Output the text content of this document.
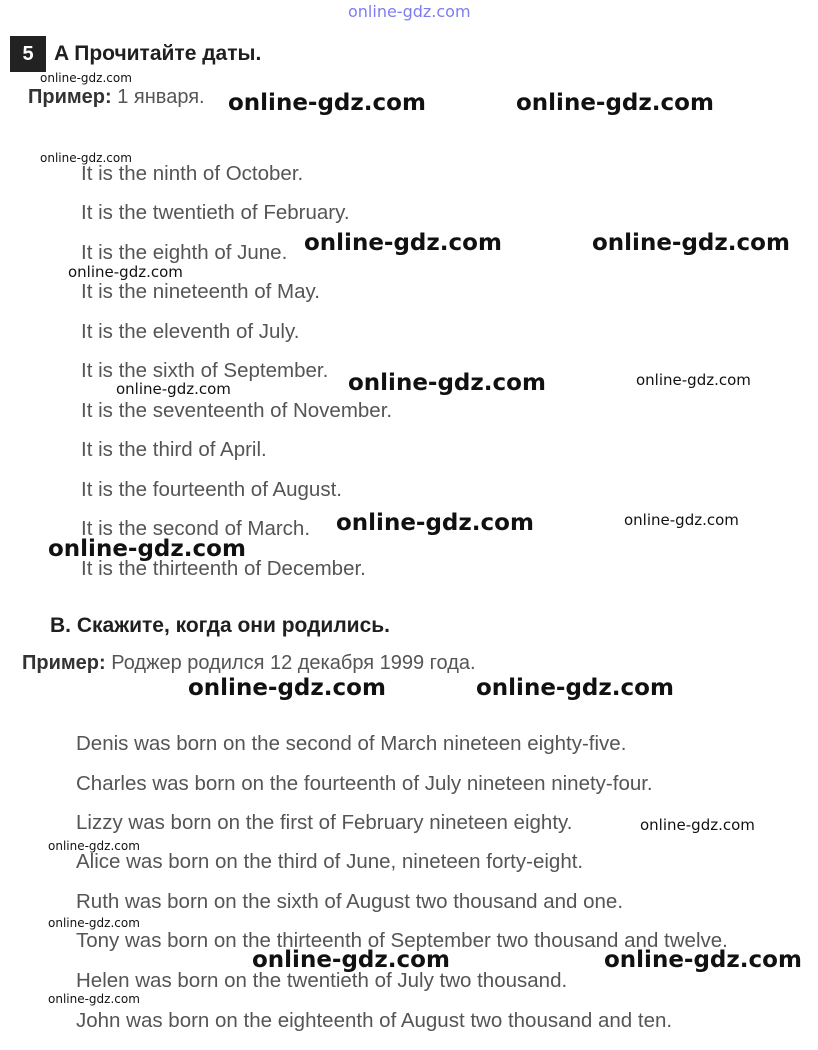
online-gdz.com
5 A Прочитайте даты.
Пример: 1 января.
It is the ninth of October.
It is the twentieth of February.
It is the eighth of June.
It is the nineteenth of May.
It is the eleventh of July.
It is the sixth of September.
It is the seventeenth of November.
It is the third of April.
It is the fourteenth of August.
It is the second of March.
It is the thirteenth of December.
B. Скажите, когда они родились.
Пример: Роджер родился 12 декабря 1999 года.
Denis was born on the second of March nineteen eighty-five.
Charles was born on the fourteenth of July nineteen ninety-four.
Lizzy was born on the first of February nineteen eighty.
Alice was born on the third of June, nineteen forty-eight.
Ruth was born on the sixth of August two thousand and one.
Tony was born on the thirteenth of September two thousand and twelve.
Helen was born on the twentieth of July two thousand.
John was born on the eighteenth of August two thousand and ten.
online-gdz.com
online-gdz.com	online-gdz.com
online-gdz.com
online-gdz.com	online-gdz.com
online-gdz.com
online-gdz.com	online-gdz.com
online-gdz.com
online-gdz.com	online-gdz.com
online-gdz.com
online-gdz.com	online-gdz.com
online-gdz.com
online-gdz.com
online-gdz.com
online-gdz.com	online-gdz.com
online-gdz.com
